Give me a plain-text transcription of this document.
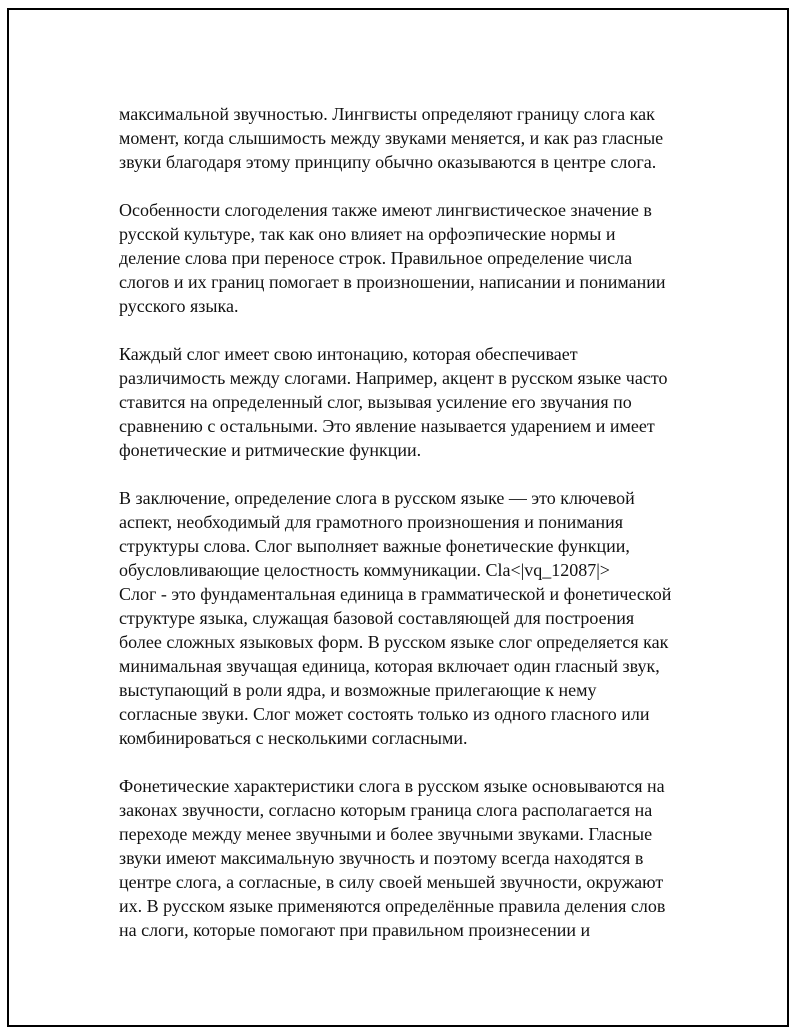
максимальной звучностью. Лингвисты определяют границу слога как
момент, когда слышимость между звуками меняется, и как раз гласные
звуки благодаря этому принципу обычно оказываются в центре слога.

Особенности слогоделения также имеют лингвистическое значение в
русской культуре, так как оно влияет на орфоэпические нормы и
деление слова при переносе строк. Правильное определение числа
слогов и их границ помогает в произношении, написании и понимании
русского языка.

Каждый слог имеет свою интонацию, которая обеспечивает
различимость между слогами. Например, акцент в русском языке часто
ставится на определенный слог, вызывая усиление его звучания по
сравнению с остальными. Это явление называется ударением и имеет
фонетические и ритмические функции.

В заключение, определение слога в русском языке — это ключевой
аспект, необходимый для грамотного произношения и понимания
структуры слова. Слог выполняет важные фонетические функции,
обусловливающие целостность коммуникации. Cla<|vq_12087|>
Слог - это фундаментальная единица в грамматической и фонетической
структуре языка, служащая базовой составляющей для построения
более сложных языковых форм. В русском языке слог определяется как
минимальная звучащая единица, которая включает один гласный звук,
выступающий в роли ядра, и возможные прилегающие к нему
согласные звуки. Слог может состоять только из одного гласного или
комбинироваться с несколькими согласными.

Фонетические характеристики слога в русском языке основываются на
законах звучности, согласно которым граница слога располагается на
переходе между менее звучными и более звучными звуками. Гласные
звуки имеют максимальную звучность и поэтому всегда находятся в
центре слога, а согласные, в силу своей меньшей звучности, окружают
их. В русском языке применяются определённые правила деления слов
на слоги, которые помогают при правильном произнесении и
